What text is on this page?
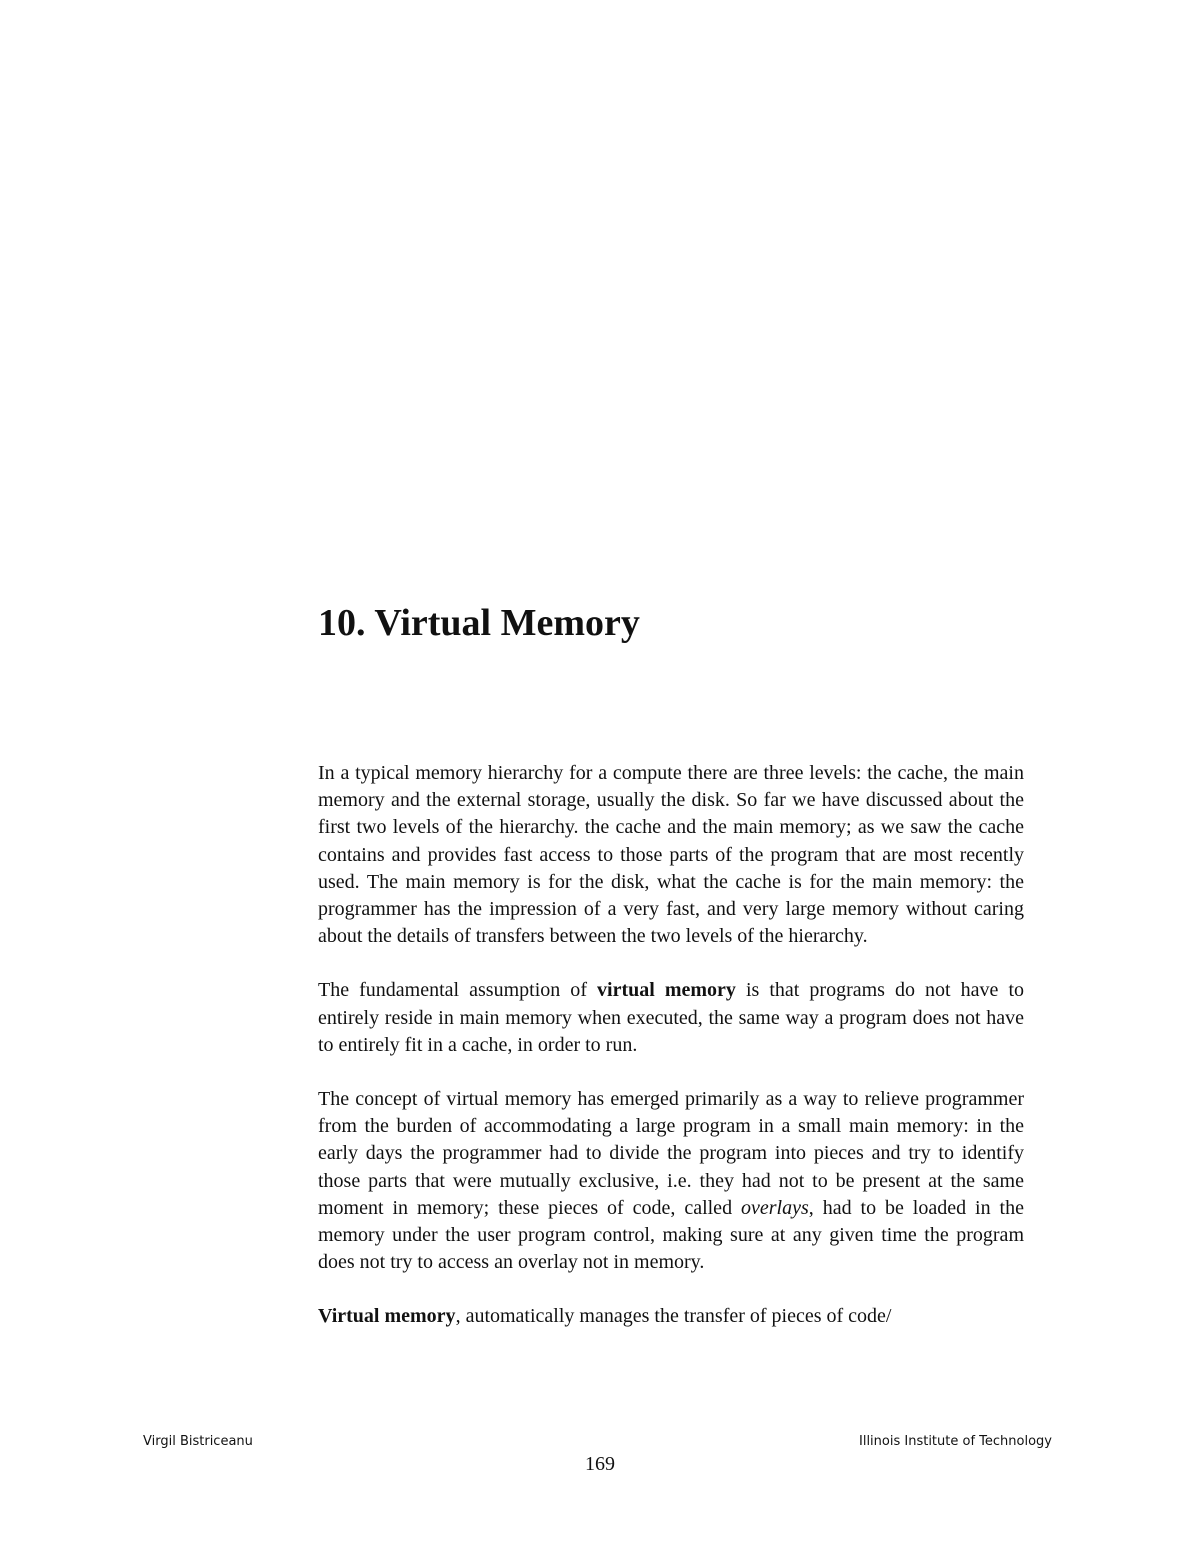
10. Virtual Memory

In a typical memory hierarchy for a compute there are three levels: the cache, the main memory and the external storage, usually the disk. So far we have discussed about the first two levels of the hierarchy. the cache and the main memory; as we saw the cache contains and provides fast access to those parts of the program that are most recently used. The main memory is for the disk, what the cache is for the main memory: the programmer has the impression of a very fast, and very large memory without caring about the details of transfers between the two levels of the hierarchy.

The fundamental assumption of virtual memory is that programs do not have to entirely reside in main memory when executed, the same way a program does not have to entirely fit in a cache, in order to run.

The concept of virtual memory has emerged primarily as a way to relieve programmer from the burden of accommodating a large program in a small main memory: in the early days the programmer had to divide the program into pieces and try to identify those parts that were mutually exclusive, i.e. they had not to be present at the same moment in memory; these pieces of code, called overlays, had to be loaded in the memory under the user program control, making sure at any given time the program does not try to access an overlay not in memory.

Virtual memory, automatically manages the transfer of pieces of code/

Virgil Bistriceanu	Illinois Institute of Technology
169
